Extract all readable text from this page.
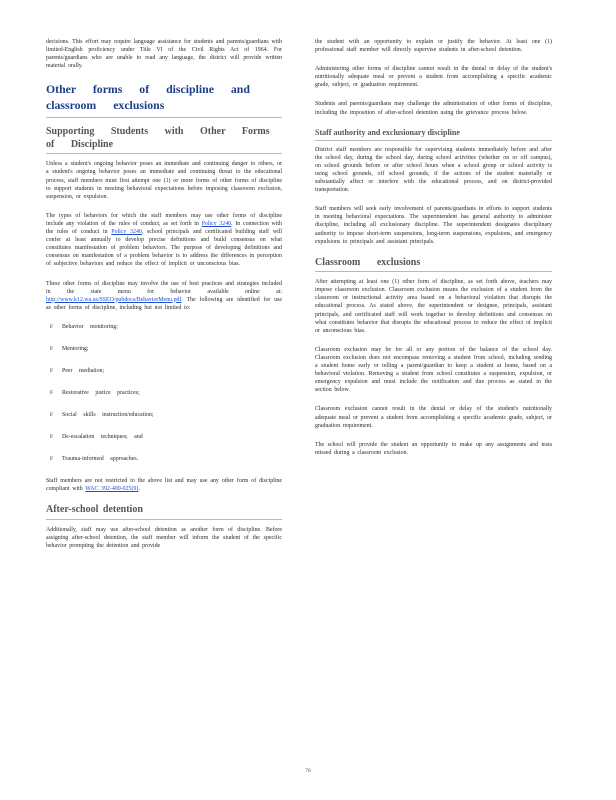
decisions. This effort may require language assistance for students and parents/guardians with limited-English proficiency under Title VI of the Civil Rights Act of 1964. For parents/guardians who are unable to read any language, the district will provide written material orally.

Other forms of discipline and classroom exclusions
Supporting Students with Other Forms of Discipline

Unless a student's ongoing behavior poses an immediate and continuing danger to others, or a student's ongoing behavior poses an immediate and continuing threat to the educational process, staff members must first attempt one (1) or more forms of other forms of discipline to support students in meeting behavioral expectations before imposing classroom exclusion, suspension, or expulsion.

The types of behaviors for which the staff members may use other forms of discipline include any violation of the rules of conduct, as set forth in Policy 3240. In connection with the rules of conduct in Policy 3240, school principals and certificated building staff will confer at least annually to develop precise definitions and build consensus on what constitutes manifestation of problem behaviors. The purpose of developing definitions and consensus on manifestation of a problem behavior is to address the differences in perception of subjective behaviors and reduce the effect of implicit or unconscious bias.

These other forms of discipline may involve the use of best practices and strategies included in the state menu for behavior available online at: http://www.k12.wa.us/SSEO/pubdocs/BehaviorMenu.pdf. The following are identified for use as other forms of discipline, including but not limited to:

F Behavior monitoring;
F Mentoring;
F Peer mediation;
F Restorative justice practices;
F Social skills instruction/education;
F De-escalation techniques; and
F Trauma-informed approaches.

Staff members are not restricted to the above list and may use any other form of discipline compliant with WAC 392-400-025(9).

After-school detention

Additionally, staff may use after-school detention as another form of discipline. Before assigning after-school detention, the staff member will inform the student of the specific behavior prompting the detention and provide

the student with an opportunity to explain or justify the behavior. At least one (1) professional staff member will directly supervise students in after-school detention.

Administering other forms of discipline cannot result in the denial or delay of the student's nutritionally adequate meal or prevent a student from accomplishing a specific academic grade, subject, or graduation requirement.

Students and parents/guardians may challenge the administration of other forms of discipline, including the imposition of after-school detention using the grievance process below.

Staff authority and exclusionary discipline

District staff members are responsible for supervising students immediately before and after the school day, during the school day, during school activities (whether on or off campus), on school grounds before or after school hours when a school group or school activity is using school grounds, off school grounds, if the actions of the student materially or substantially affect or interfere with the educational process, and on district-provided transportation.

Staff members will seek early involvement of parents/guardians in efforts to support students in meeting behavioral expectations. The superintendent has general authority to administer discipline, including all exclusionary discipline. The superintendent designates disciplinary authority to impose short-term suspensions, long-term suspensions, expulsions, and emergency expulsions to principals and assistant principals.

Classroom exclusions

After attempting at least one (1) other form of discipline, as set forth above, teachers may impose classroom exclusion. Classroom exclusion means the exclusion of a student from the classroom or instructional activity area based on a behavioral violation that disrupts the educational process. As stated above, the superintendent or designee, principals, assistant principals, and certificated staff will work together to develop definitions and consensus on what constitutes behavior that disrupts the educational process to reduce the effect of implicit or unconscious bias.

Classroom exclusion may be for all or any portion of the balance of the school day. Classroom exclusion does not encompass removing a student from school, including sending a student home early or telling a parent/guardian to keep a student at home, based on a behavioral violation. Removing a student from school constitutes a suspension, expulsion, or emergency expulsion and must include the notification and due process as stated in the section below.

Classroom exclusion cannot result in the denial or delay of the student's nutritionally adequate meal or prevent a student from accomplishing a specific academic grade, subject, or graduation requirement.

The school will provide the student an opportunity to make up any assignments and tests missed during a classroom exclusion.

76
